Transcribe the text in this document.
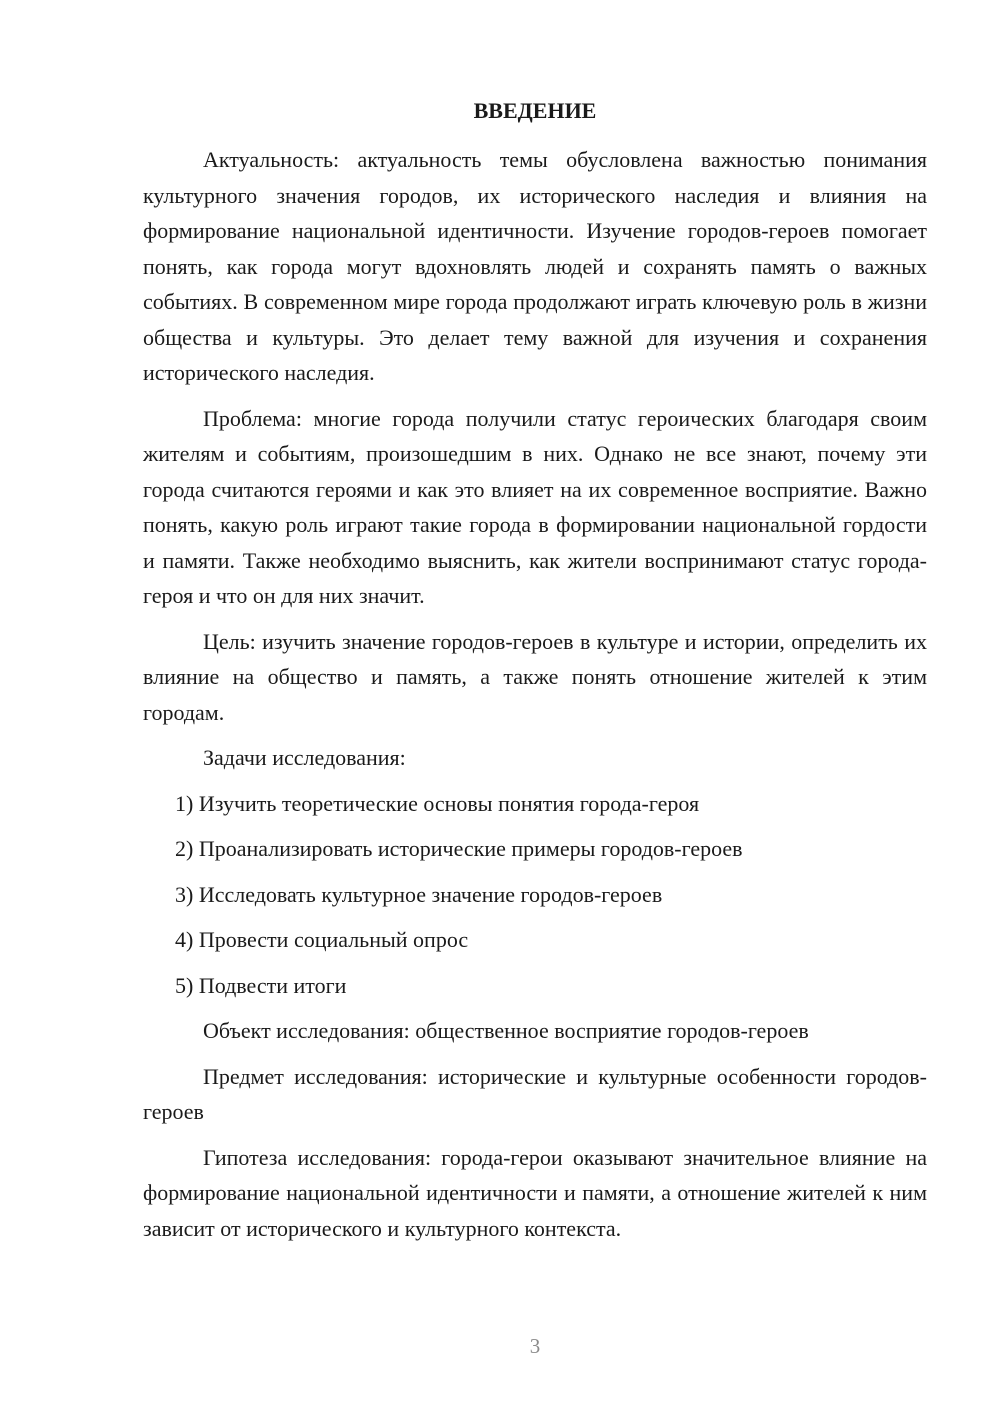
ВВЕДЕНИЕ

Актуальность: актуальность темы обусловлена важностью понимания культурного значения городов, их исторического наследия и влияния на формирование национальной идентичности. Изучение городов-героев помогает понять, как города могут вдохновлять людей и сохранять память о важных событиях. В современном мире города продолжают играть ключевую роль в жизни общества и культуры. Это делает тему важной для изучения и сохранения исторического наследия.

Проблема: многие города получили статус героических благодаря своим жителям и событиям, произошедшим в них. Однако не все знают, почему эти города считаются героями и как это влияет на их современное восприятие. Важно понять, какую роль играют такие города в формировании национальной гордости и памяти. Также необходимо выяснить, как жители воспринимают статус города-героя и что он для них значит.

Цель: изучить значение городов-героев в культуре и истории, определить их влияние на общество и память, а также понять отношение жителей к этим городам.

Задачи исследования:

1) Изучить теоретические основы понятия города-героя

2) Проанализировать исторические примеры городов-героев

3) Исследовать культурное значение городов-героев

4) Провести социальный опрос

5) Подвести итоги

Объект исследования: общественное восприятие городов-героев

Предмет исследования: исторические и культурные особенности городов-героев

Гипотеза исследования: города-герои оказывают значительное влияние на формирование национальной идентичности и памяти, а отношение жителей к ним зависит от исторического и культурного контекста.

3
